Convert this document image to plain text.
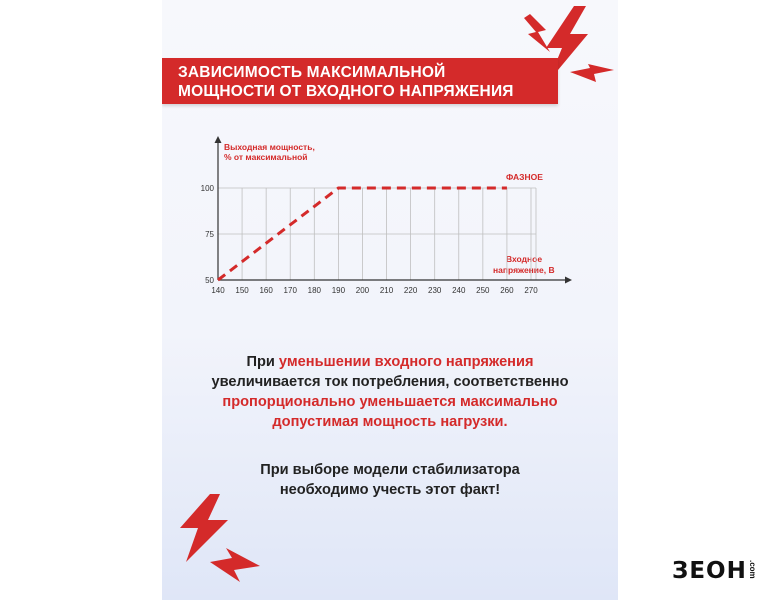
ЗАВИСИМОСТЬ МАКСИМАЛЬНОЙ
МОЩНОСТИ ОТ ВХОДНОГО НАПРЯЖЕНИЯ
Выходная мощность,
% от максимальной
Входное
напряжение, В
ФАЗНОЕ
50
75
100
140 150 160 170 180 190 200 210 220 230 240 250 260 270
При уменьшении входного напряжения
увеличивается ток потребления, соответственно
пропорционально уменьшается максимально
допустимая мощность нагрузки.
При выборе модели стабилизатора
необходимо учесть этот факт!
ЗЕОН .com
